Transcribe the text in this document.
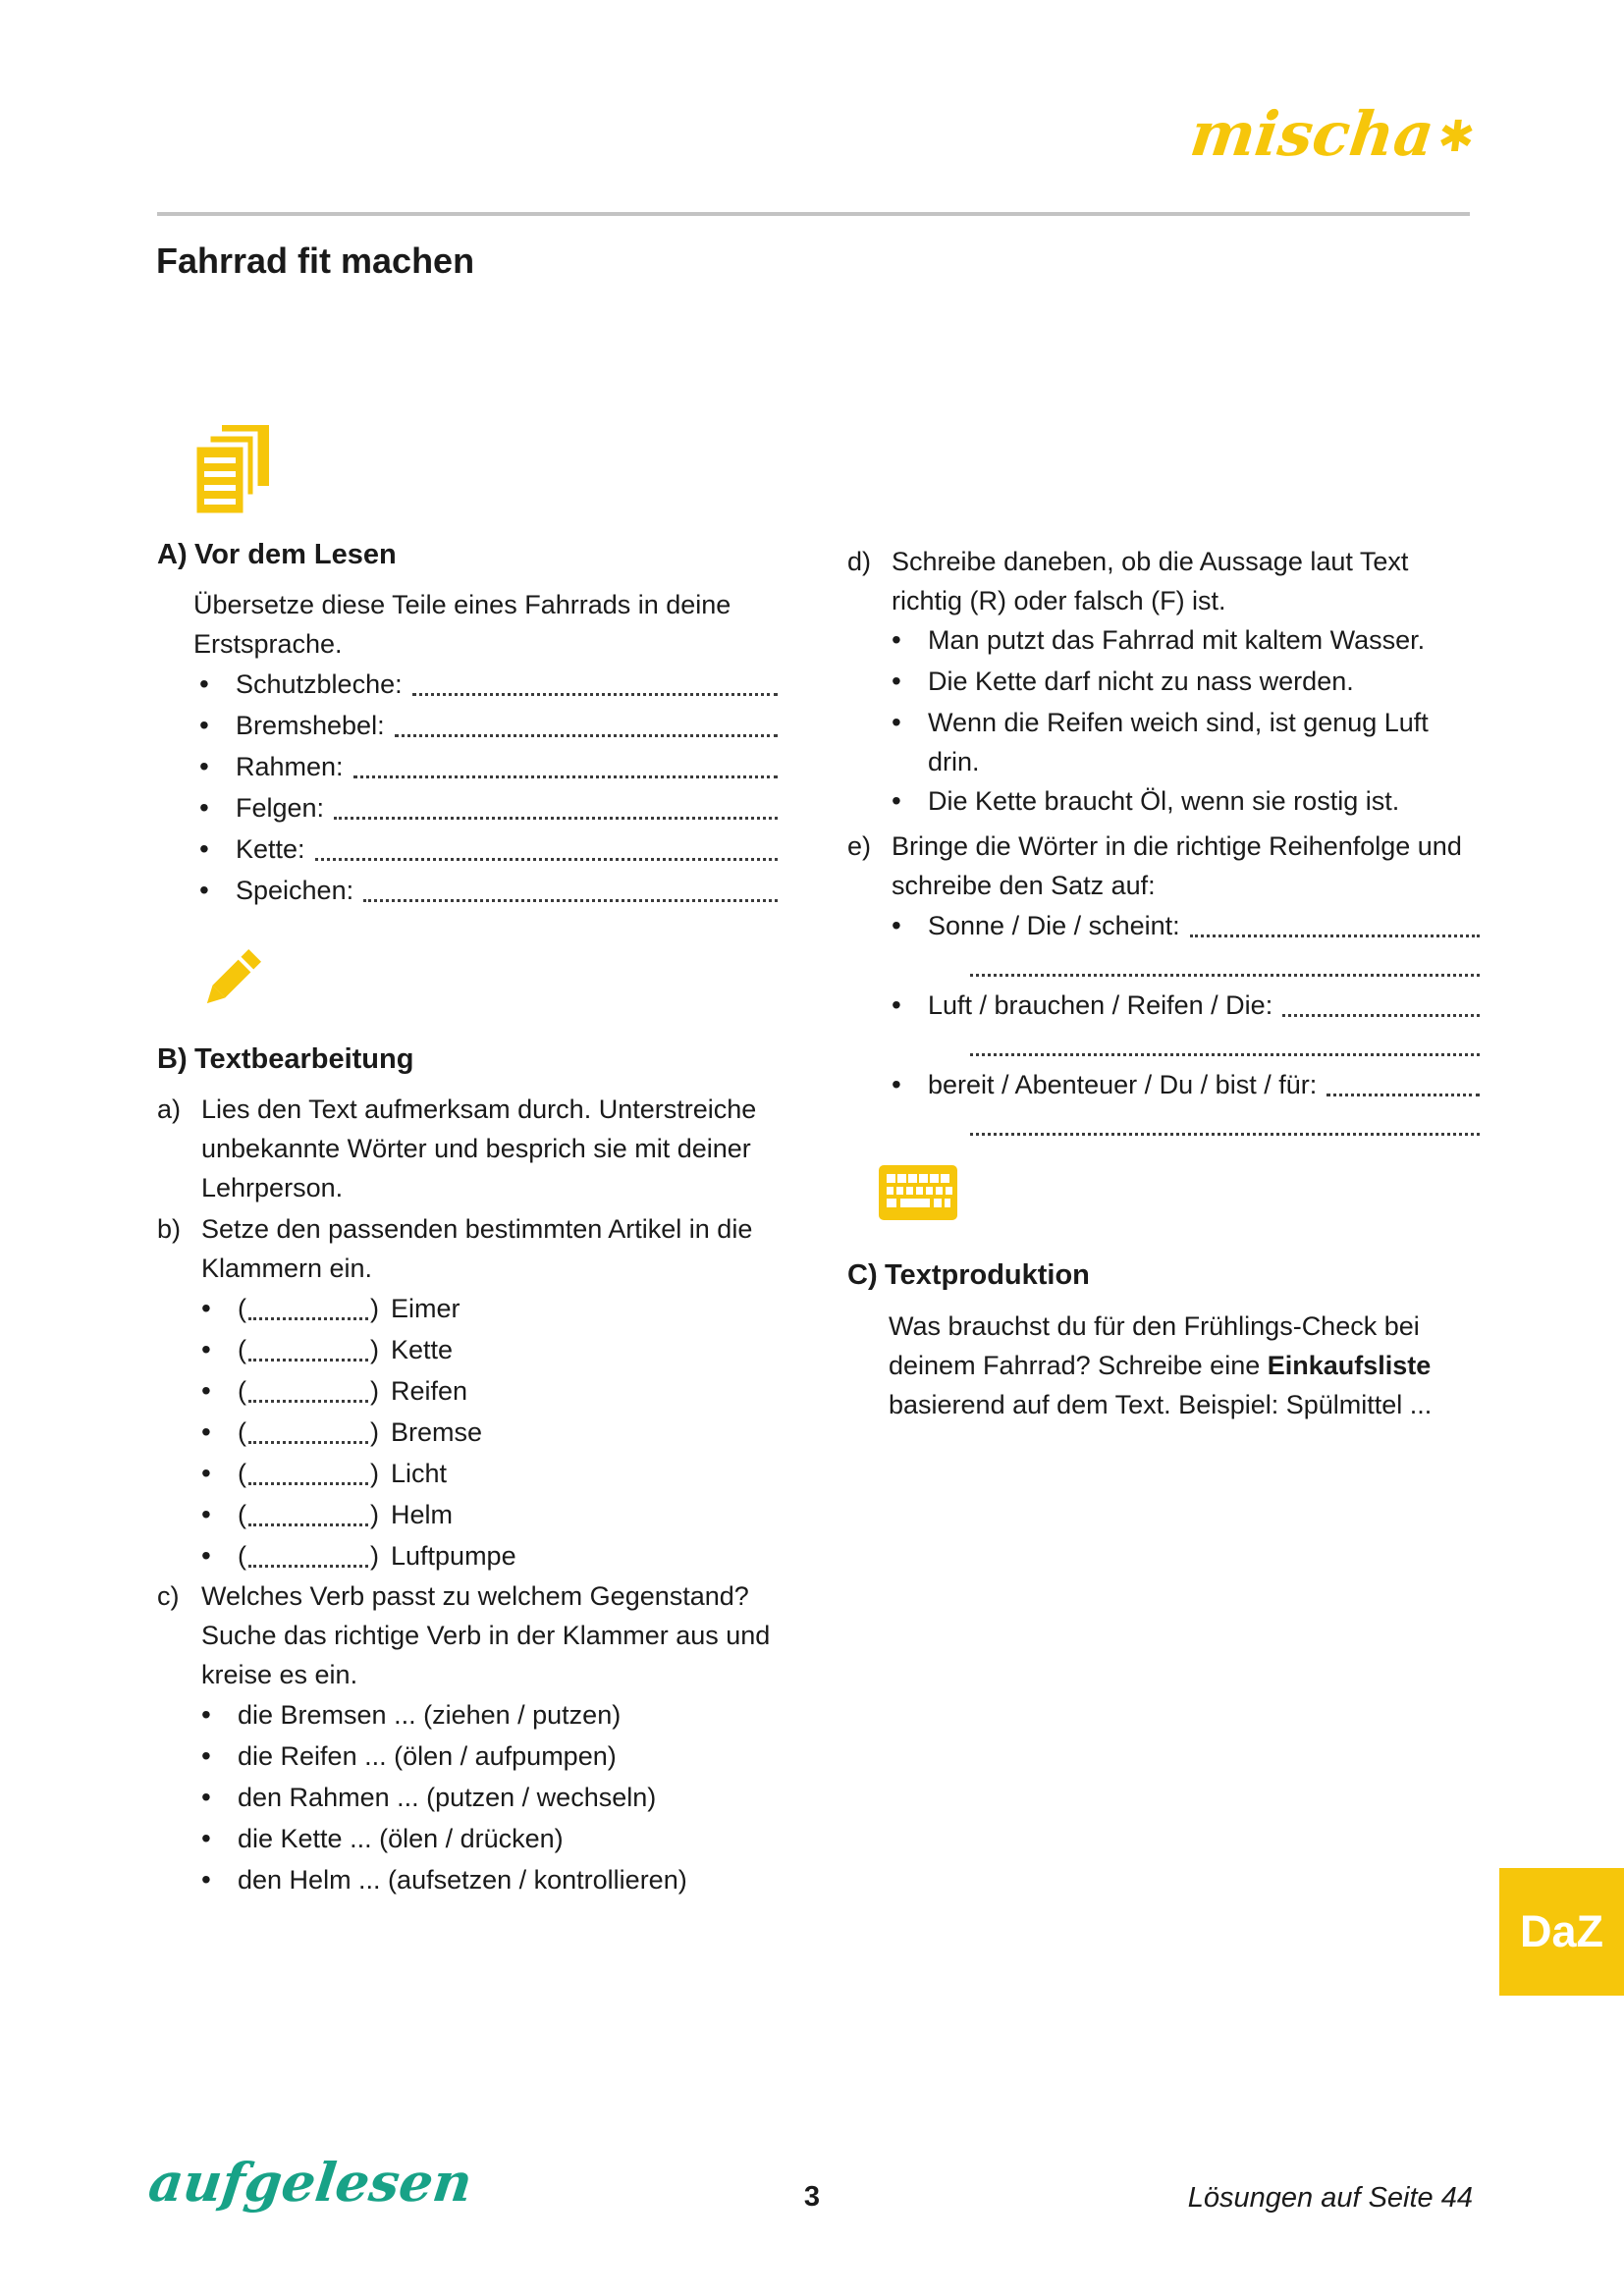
mischa✱
Fahrrad fit machen
A) Vor dem Lesen

Übersetze diese Teile eines Fahrrads in deine Erstsprache.

•
Schutzbleche:
•
Bremshebel:
•
Rahmen:
•
Felgen:
•
Kette:
•
Speichen:
B) Textbearbeitung
a) Lies den Text aufmerksam durch. Unterstreiche unbekannte Wörter und besprich sie mit deiner Lehrperson.

b) Setze den passenden bestimmten Artikel in die Klammern ein.

•
(	) Eimer
•
(	) Kette
•
(	) Reifen
•
(	) Bremse
•
(	) Licht
•
(	) Helm
•
(	) Luftpumpe
c) Welches Verb passt zu welchem Gegenstand? Suche das richtige Verb in der Klammer aus und kreise es ein.

•
die Bremsen ... (ziehen / putzen)
•
die Reifen ... (ölen / aufpumpen)
•
den Rahmen ... (putzen / wechseln)
•
die Kette ... (ölen / drücken)
•
den Helm ... (aufsetzen / kontrollieren)
d) Schreibe daneben, ob die Aussage laut Text richtig (R) oder falsch (F) ist.

•
Man putzt das Fahrrad mit kaltem Wasser.
•
Die Kette darf nicht zu nass werden.
•
Wenn die Reifen weich sind, ist genug Luft drin.
•
Die Kette braucht Öl, wenn sie rostig ist.
e) Bringe die Wörter in die richtige Reihenfolge und schreibe den Satz auf:

•
Sonne / Die / scheint:
•
Luft / brauchen / Reifen / Die:
•
bereit / Abenteuer / Du / bist / für:
C) Textproduktion

Was brauchst du für den Frühlings-Check bei deinem Fahrrad? Schreibe eine Einkaufsliste basierend auf dem Text. Beispiel: Spülmittel ...

DaZ
aufgelesen	3	Lösungen auf Seite 44
